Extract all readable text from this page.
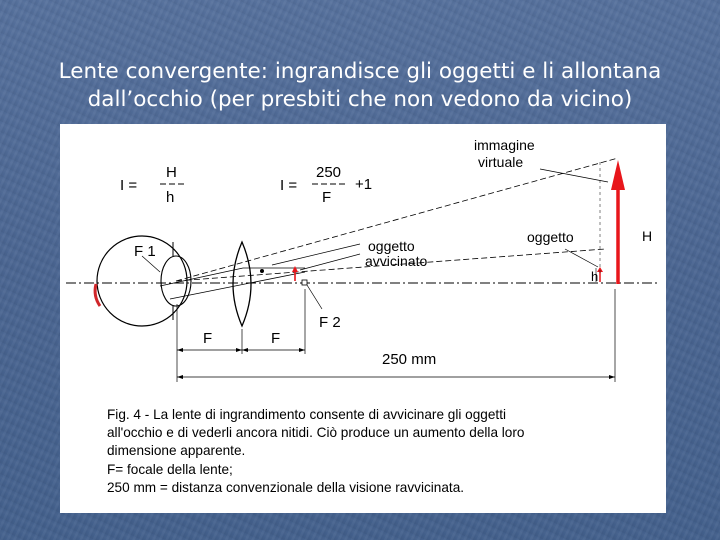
Lente convergente: ingrandisce gli oggetti e li allontana
dall’occhio (per presbiti che non vedono da vicino)
I =
H
h
I =
250
F
+1
immagine
virtuale
H
oggetto
h
oggetto
avvicinato
F 1
F 2
F	F
250 mm
Fig. 4 - La lente di ingrandimento consente di avvicinare gli oggetti
all'occhio e di vederli ancora nitidi. Ciò produce un aumento della loro
dimensione apparente.
F= focale della lente;
250 mm = distanza convenzionale della visione ravvicinata.
